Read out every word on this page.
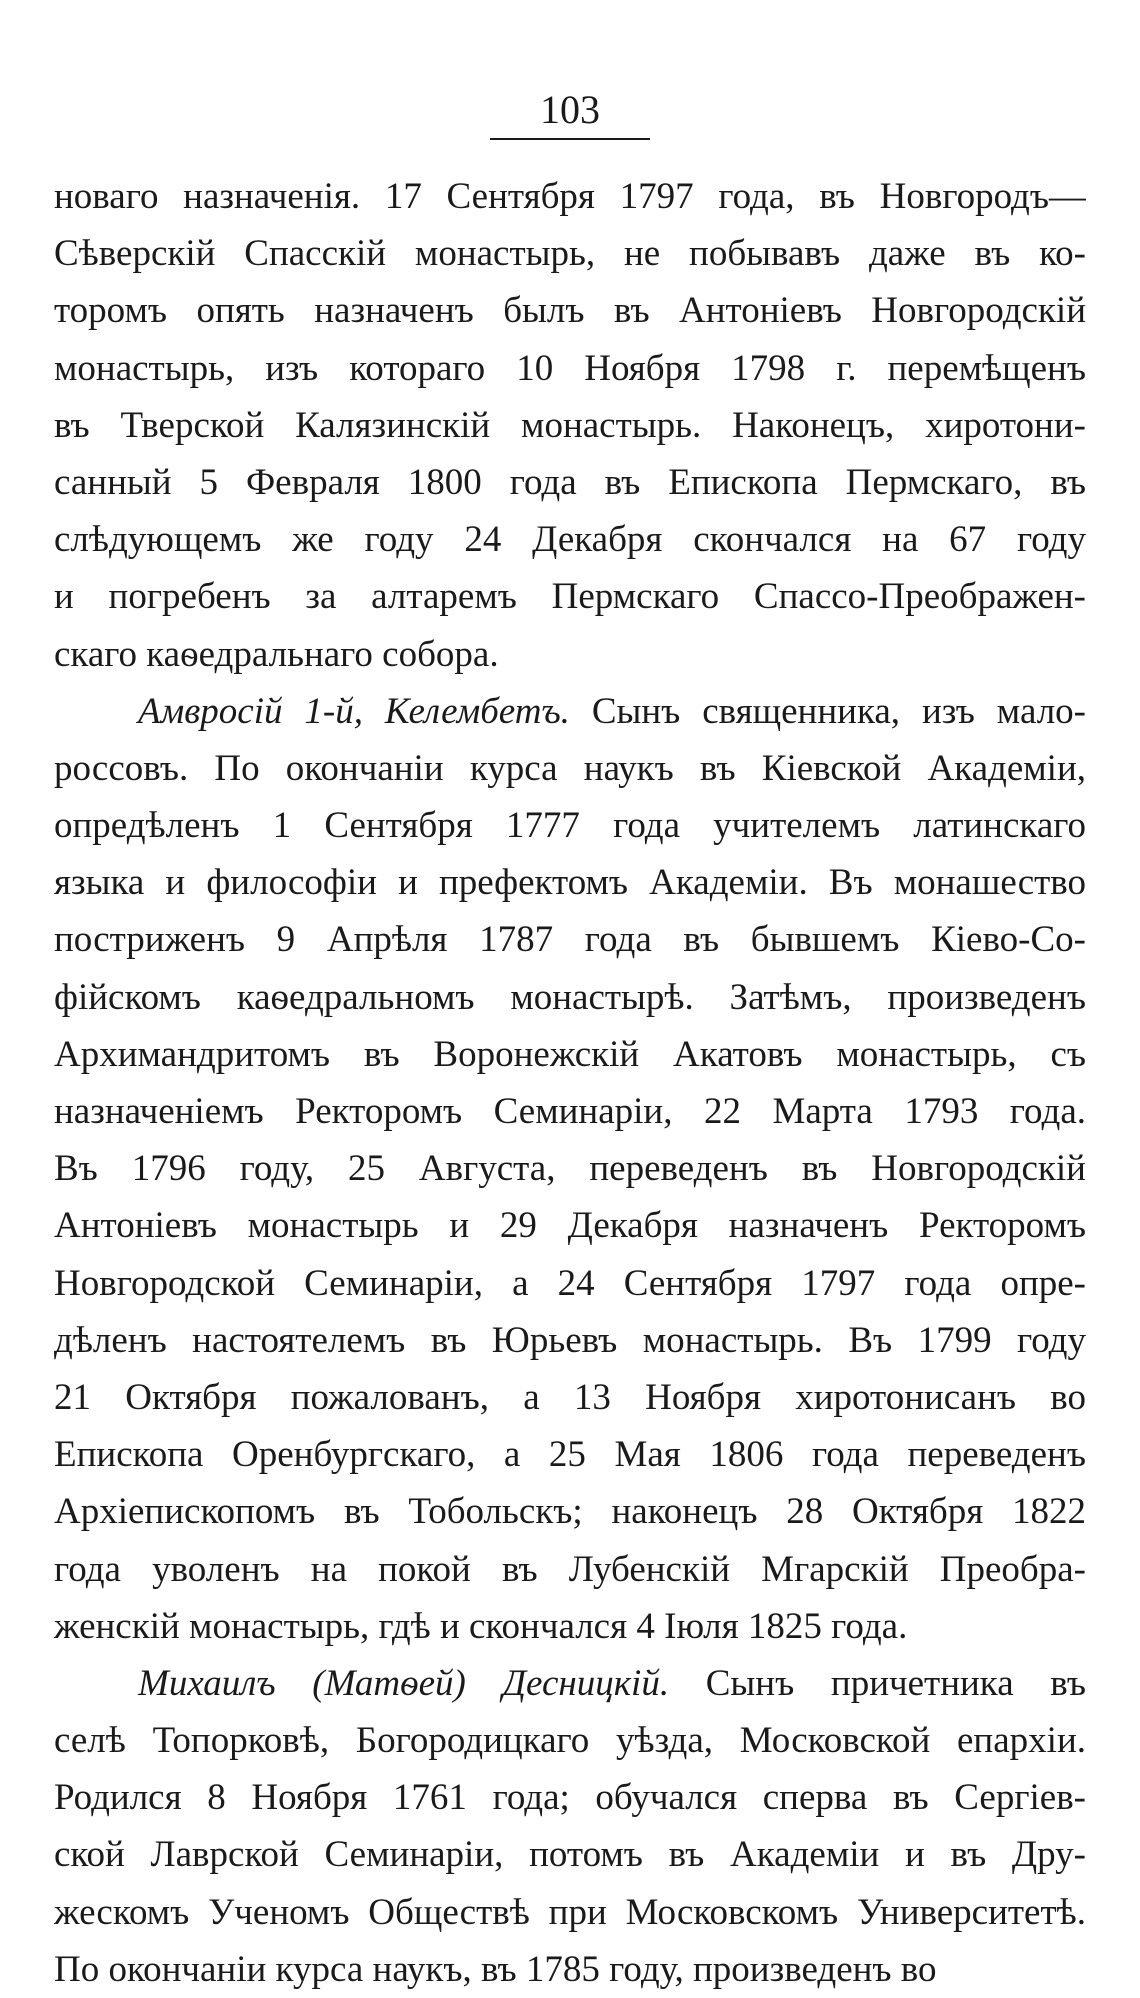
103
новаго назначенія. 17 Сентября 1797 года, въ Новгородъ—
Сѣверскій Спасскій монастырь, не побывавъ даже въ ко-
торомъ опять назначенъ былъ въ Антоніевъ Новгородскій
монастырь, изъ котораго 10 Ноября 1798 г. перемѣщенъ
въ Тверской Калязинскій монастырь. Наконецъ, хиротони-
санный 5 Февраля 1800 года въ Епископа Пермскаго, въ
слѣдующемъ же году 24 Декабря скончался на 67 году
и погребенъ за алтаремъ Пермскаго Спассо-Преображен-
скаго каѳедральнаго собора.
Амвросій 1-й, Келембетъ. Сынъ священника, изъ мало-
россовъ. По окончаніи курса наукъ въ Кіевской Академіи,
опредѣленъ 1 Сентября 1777 года учителемъ латинскаго
языка и философіи и префектомъ Академіи. Въ монашество
постриженъ 9 Апрѣля 1787 года въ бывшемъ Кіево-Со-
фійскомъ каѳедральномъ монастырѣ. Затѣмъ, произведенъ
Архимандритомъ въ Воронежскій Акатовъ монастырь, съ
назначеніемъ Ректоромъ Семинаріи, 22 Марта 1793 года.
Въ 1796 году, 25 Августа, переведенъ въ Новгородскій
Антоніевъ монастырь и 29 Декабря назначенъ Ректоромъ
Новгородской Семинаріи, а 24 Сентября 1797 года опре-
дѣленъ настоятелемъ въ Юрьевъ монастырь. Въ 1799 году
21 Октября пожалованъ, а 13 Ноября хиротонисанъ во
Епископа Оренбургскаго, а 25 Мая 1806 года переведенъ
Архіепископомъ въ Тобольскъ; наконецъ 28 Октября 1822
года уволенъ на покой въ Лубенскій Мгарскій Преобра-
женскій монастырь, гдѣ и скончался 4 Іюля 1825 года.
Михаилъ (Матѳей) Десницкій. Сынъ причетника въ
селѣ Топорковѣ, Богородицкаго уѣзда, Московской епархіи.
Родился 8 Ноября 1761 года; обучался сперва въ Сергіев-
ской Лаврской Семинаріи, потомъ въ Академіи и въ Дру-
жескомъ Ученомъ Обществѣ при Московскомъ Университетѣ.
По окончаніи курса наукъ, въ 1785 году, произведенъ во
